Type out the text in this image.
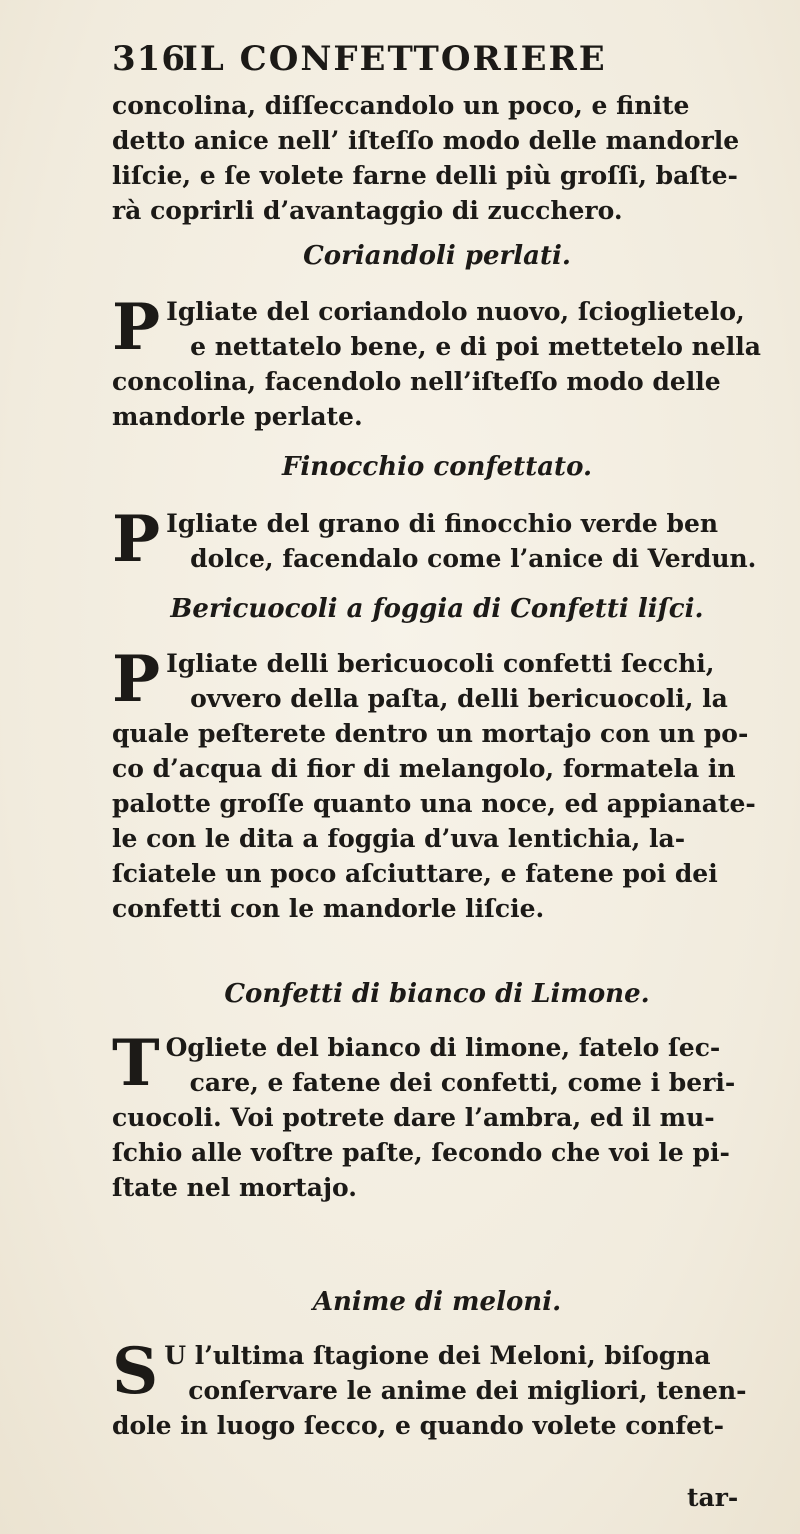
316IL CONFETTORIERE
concolina, diſſeccandolo un poco, e finite
detto anice nell’ iſteſſo modo delle mandorle
liſcie, e ſe volete farne delli più groſſi, baſte-
rà coprirli d’avantaggio di zucchero.
Coriandoli perlati.
P Igliate del coriandolo nuovo, ſcioglietelo,
e nettatelo bene, e di poi mettetelo nella
concolina, facendolo nell’iſteſſo modo delle
mandorle perlate.
Finocchio confettato.
P Igliate del grano di finocchio verde ben
dolce, facendalo come l’anice di Verdun.
Bericuocoli a foggia di Confetti liſci.
P Igliate delli bericuocoli confetti ſecchi,
ovvero della paſta, delli bericuocoli, la
quale peſterete dentro un mortajo con un po-
co d’acqua di fior di melangolo, formatela in
palotte groſſe quanto una noce, ed appianate-
le con le dita a foggia d’uva lentichia, la-
ſciatele un poco aſciuttare, e fatene poi dei
confetti con le mandorle liſcie.
Confetti di bianco di Limone.
T Ogliete del bianco di limone, fatelo ſec-
care, e fatene dei confetti, come i beri-
cuocoli. Voi potrete dare l’ambra, ed il mu-
ſchio alle voſtre paſte, ſecondo che voi le pi-
ſtate nel mortajo.
Anime di meloni.
S U l’ultima ſtagione dei Meloni, biſogna
conſervare le anime dei migliori, tenen-
dole in luogo ſecco, e quando volete confet-
tar-
